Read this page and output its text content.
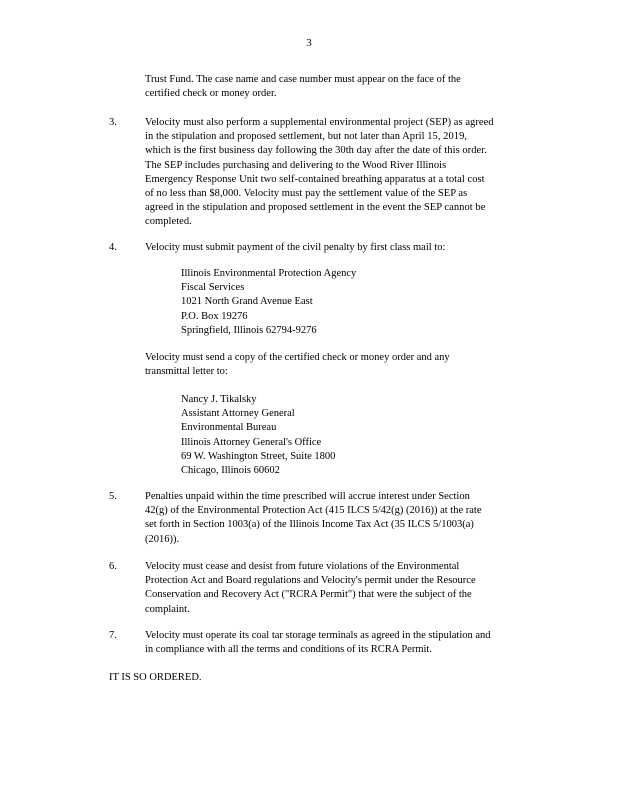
3
Trust Fund. The case name and case number must appear on the face of the
certified check or money order.
3.	Velocity must also perform a supplemental environmental project (SEP) as agreed
in the stipulation and proposed settlement, but not later than April 15, 2019,
which is the first business day following the 30th day after the date of this order.
The SEP includes purchasing and delivering to the Wood River Illinois
Emergency Response Unit two self-contained breathing apparatus at a total cost
of no less than $8,000. Velocity must pay the settlement value of the SEP as
agreed in the stipulation and proposed settlement in the event the SEP cannot be
completed.
4.	Velocity must submit payment of the civil penalty by first class mail to:
Illinois Environmental Protection Agency
Fiscal Services
1021 North Grand Avenue East
P.O. Box 19276
Springfield, Illinois 62794-9276
Velocity must send a copy of the certified check or money order and any
transmittal letter to:
Nancy J. Tikalsky
Assistant Attorney General
Environmental Bureau
Illinois Attorney General's Office
69 W. Washington Street, Suite 1800
Chicago, Illinois 60602
5.	Penalties unpaid within the time prescribed will accrue interest under Section
42(g) of the Environmental Protection Act (415 ILCS 5/42(g) (2016)) at the rate
set forth in Section 1003(a) of the Illinois Income Tax Act (35 ILCS 5/1003(a)
(2016)).
6.	Velocity must cease and desist from future violations of the Environmental
Protection Act and Board regulations and Velocity's permit under the Resource
Conservation and Recovery Act ("RCRA Permit") that were the subject of the
complaint.
7.	Velocity must operate its coal tar storage terminals as agreed in the stipulation and
in compliance with all the terms and conditions of its RCRA Permit.
IT IS SO ORDERED.
